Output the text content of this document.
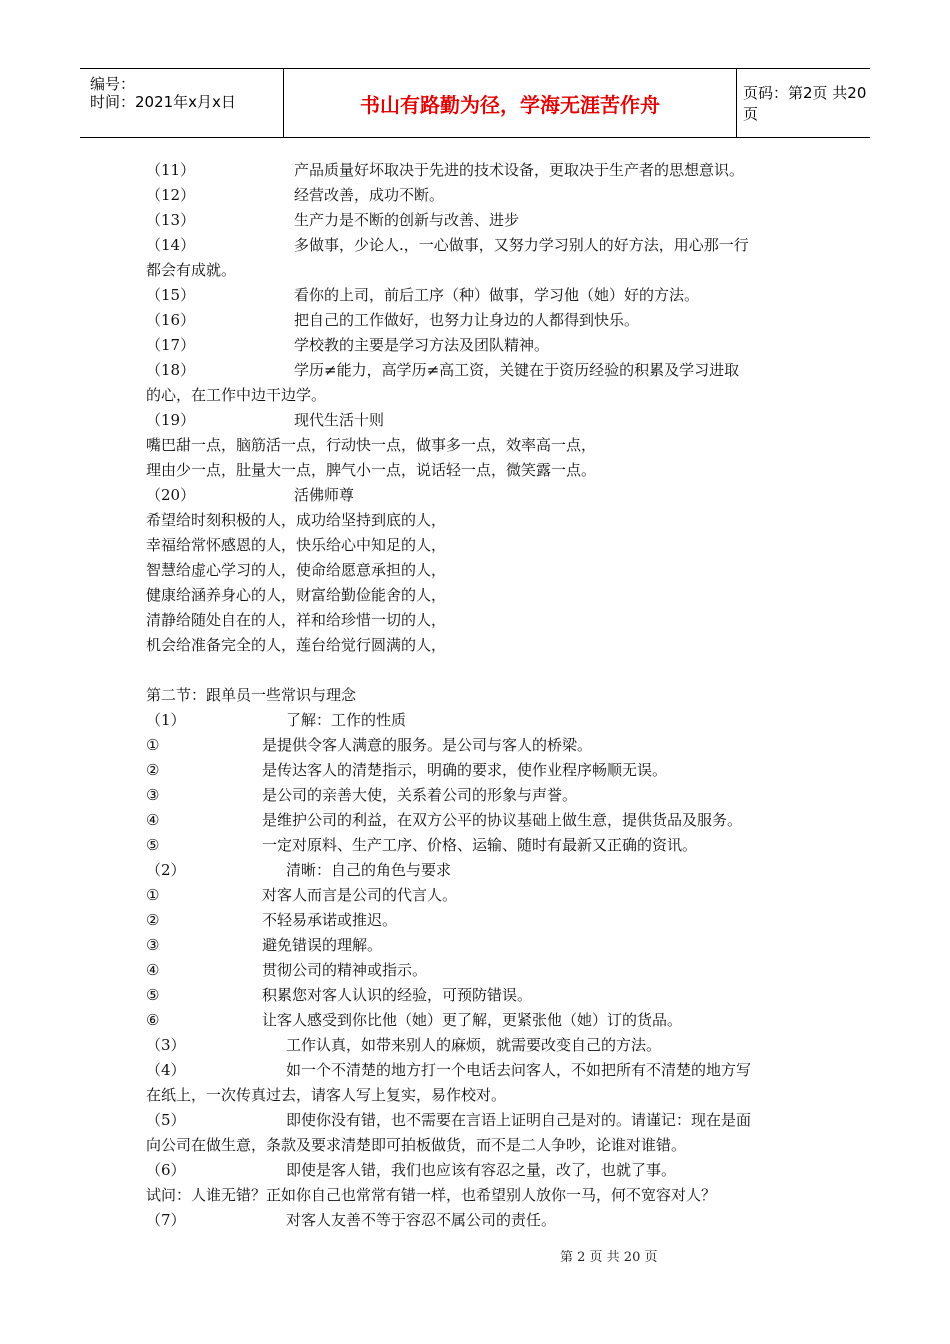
编号：
时间：2021年x月x日	书山有路勤为径，学海无涯苦作舟	页码：第2页 共20页
（11）	产品质量好坏取决于先进的技术设备，更取决于生产者的思想意识。
（12）	经营改善，成功不断。
（13）	生产力是不断的创新与改善、进步
（14）	多做事，少论人.，一心做事，又努力学习别人的好方法，用心那一行
都会有成就。
（15）	看你的上司，前后工序（种）做事，学习他（她）好的方法。
（16）	把自己的工作做好，也努力让身边的人都得到快乐。
（17）	学校教的主要是学习方法及团队精神。
（18）	学历≠能力，高学历≠高工资，关键在于资历经验的积累及学习进取
的心，在工作中边干边学。
（19）	现代生活十则
嘴巴甜一点，脑筋活一点，行动快一点，做事多一点，效率高一点，
理由少一点，肚量大一点，脾气小一点，说话轻一点，微笑露一点。
（20）	活佛师尊
希望给时刻积极的人，成功给坚持到底的人，
幸福给常怀感恩的人，快乐给心中知足的人，
智慧给虚心学习的人，使命给愿意承担的人，
健康给涵养身心的人，财富给勤俭能舍的人，
清静给随处自在的人，祥和给珍惜一切的人，
机会给准备完全的人，莲台给觉行圆满的人，
第二节：跟单员一些常识与理念
（1）	了解：工作的性质
①	是提供令客人满意的服务。是公司与客人的桥梁。
②	是传达客人的清楚指示，明确的要求，使作业程序畅顺无误。
③	是公司的亲善大使，关系着公司的形象与声誉。
④	是维护公司的利益，在双方公平的协议基础上做生意，提供货品及服务。
⑤	一定对原料、生产工序、价格、运输、随时有最新又正确的资讯。
（2）	清晰：自己的角色与要求
①	对客人而言是公司的代言人。
②	不轻易承诺或推迟。
③	避免错误的理解。
④	贯彻公司的精神或指示。
⑤	积累您对客人认识的经验，可预防错误。
⑥	让客人感受到你比他（她）更了解，更紧张他（她）订的货品。
（3）	工作认真，如带来别人的麻烦，就需要改变自己的方法。
（4）	如一个不清楚的地方打一个电话去问客人，不如把所有不清楚的地方写
在纸上，一次传真过去，请客人写上复实，易作校对。
（5）	即使你没有错，也不需要在言语上证明自己是对的。请谨记：现在是面
向公司在做生意，条款及要求清楚即可拍板做货，而不是二人争吵，论谁对谁错。
（6）	即使是客人错，我们也应该有容忍之量，改了，也就了事。
试问：人谁无错？正如你自己也常常有错一样，也希望别人放你一马，何不宽容对人？
（7）	对客人友善不等于容忍不属公司的责任。
第 2 页 共 20 页
